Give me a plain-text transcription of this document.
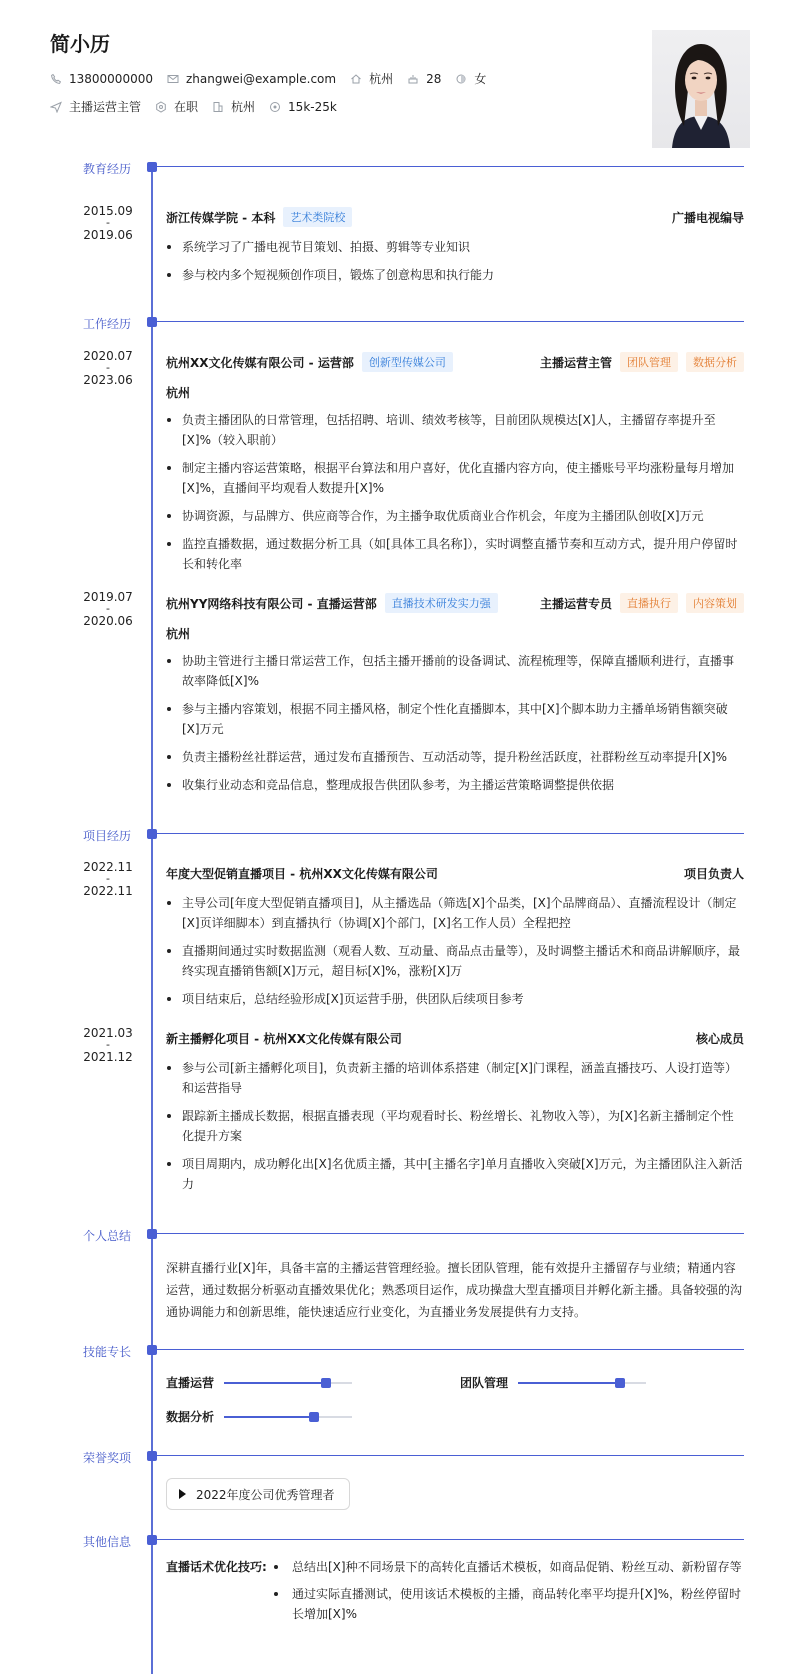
简小历
13800000000	zhangwei@example.com	杭州	28	女
主播运营主管	在职	杭州	15k-25k
教育经历
2015.09
-
2019.06
浙江传媒学院 - 本科	艺术类院校	广播电视编导
系统学习了广播电视节目策划、拍摄、剪辑等专业知识
参与校内多个短视频创作项目，锻炼了创意构思和执行能力
工作经历
2020.07
-
2023.06
杭州XX文化传媒有限公司 - 运营部	创新型传媒公司	主播运营主管	团队管理	数据分析
杭州
负责主播团队的日常管理，包括招聘、培训、绩效考核等，目前团队规模达[X]人，主播留存率提升至[X]%（较入职前）
制定主播内容运营策略，根据平台算法和用户喜好，优化直播内容方向，使主播账号平均涨粉量每月增加[X]%，直播间平均观看人数提升[X]%
协调资源，与品牌方、供应商等合作，为主播争取优质商业合作机会，年度为主播团队创收[X]万元
监控直播数据，通过数据分析工具（如[具体工具名称]），实时调整直播节奏和互动方式，提升用户停留时长和转化率
2019.07
-
2020.06
杭州YY网络科技有限公司 - 直播运营部	直播技术研发实力强	主播运营专员	直播执行	内容策划
杭州
协助主管进行主播日常运营工作，包括主播开播前的设备调试、流程梳理等，保障直播顺利进行，直播事故率降低[X]%
参与主播内容策划，根据不同主播风格，制定个性化直播脚本，其中[X]个脚本助力主播单场销售额突破[X]万元
负责主播粉丝社群运营，通过发布直播预告、互动活动等，提升粉丝活跃度，社群粉丝互动率提升[X]%
收集行业动态和竞品信息，整理成报告供团队参考，为主播运营策略调整提供依据
项目经历
2022.11
-
2022.11
年度大型促销直播项目 - 杭州XX文化传媒有限公司	项目负责人
主导公司[年度大型促销直播项目]，从主播选品（筛选[X]个品类，[X]个品牌商品）、直播流程设计（制定[X]页详细脚本）到直播执行（协调[X]个部门，[X]名工作人员）全程把控
直播期间通过实时数据监测（观看人数、互动量、商品点击量等），及时调整主播话术和商品讲解顺序，最终实现直播销售额[X]万元，超目标[X]%，涨粉[X]万
项目结束后，总结经验形成[X]页运营手册，供团队后续项目参考
2021.03
-
2021.12
新主播孵化项目 - 杭州XX文化传媒有限公司	核心成员
参与公司[新主播孵化项目]，负责新主播的培训体系搭建（制定[X]门课程，涵盖直播技巧、人设打造等）和运营指导
跟踪新主播成长数据，根据直播表现（平均观看时长、粉丝增长、礼物收入等），为[X]名新主播制定个性化提升方案
项目周期内，成功孵化出[X]名优质主播，其中[主播名字]单月直播收入突破[X]万元，为主播团队注入新活力
个人总结
深耕直播行业[X]年，具备丰富的主播运营管理经验。擅长团队管理，能有效提升主播留存与业绩；精通内容运营，通过数据分析驱动直播效果优化；熟悉项目运作，成功操盘大型直播项目并孵化新主播。具备较强的沟通协调能力和创新思维，能快速适应行业变化，为直播业务发展提供有力支持。
技能专长
直播运营	团队管理
数据分析
荣誉奖项
2022年度公司优秀管理者
其他信息
直播话术优化技巧:	总结出[X]种不同场景下的高转化直播话术模板，如商品促销、粉丝互动、新粉留存等
通过实际直播测试，使用该话术模板的主播，商品转化率平均提升[X]%，粉丝停留时长增加[X]%
